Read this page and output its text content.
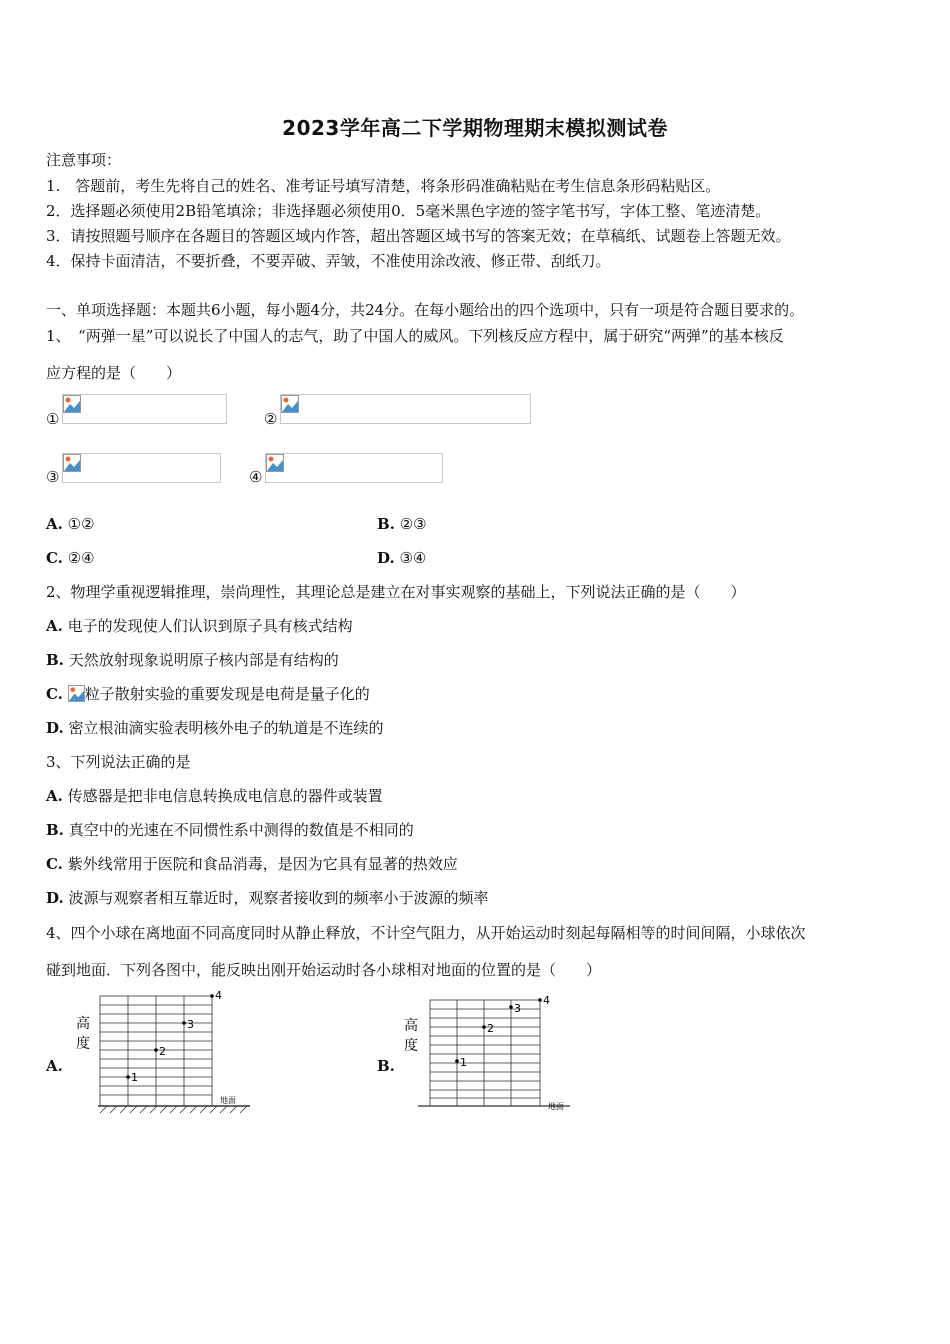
2023学年高二下学期物理期末模拟测试卷
注意事项：
1.　答题前，考生先将自己的姓名、准考证号填写清楚，将条形码准确粘贴在考生信息条形码粘贴区。
2．选择题必须使用2B铅笔填涂；非选择题必须使用0．5毫米黑色字迹的签字笔书写，字体工整、笔迹清楚。
3．请按照题号顺序在各题目的答题区域内作答，超出答题区域书写的答案无效；在草稿纸、试题卷上答题无效。
4．保持卡面清洁，不要折叠，不要弄破、弄皱，不准使用涂改液、修正带、刮纸刀。
一、单项选择题：本题共6小题，每小题4分，共24分。在每小题给出的四个选项中，只有一项是符合题目要求的。
1、　“两弹一星”可以说长了中国人的志气，助了中国人的威风。下列核反应方程中，属于研究“两弹”的基本核反
应方程的是（　　）
①	②
③	④
A. ①②	B. ②③
C. ②④	D. ③④
2、物理学重视逻辑推理，崇尚理性，其理论总是建立在对事实观察的基础上，下列说法正确的是（　　）
A. 电子的发现使人们认识到原子具有核式结构
B. 天然放射现象说明原子核内部是有结构的
C. 粒子散射实验的重要发现是电荷是量子化的
D. 密立根油滴实验表明核外电子的轨道是不连续的
3、下列说法正确的是
A. 传感器是把非电信息转换成电信息的器件或装置
B. 真空中的光速在不同惯性系中测得的数值是不相同的
C. 紫外线常用于医院和食品消毒，是因为它具有显著的热效应
D. 波源与观察者相互靠近时，观察者接收到的频率小于波源的频率
4、四个小球在离地面不同高度同时从静止释放，不计空气阻力，从开始运动时刻起每隔相等的时间间隔，小球依次
碰到地面．下列各图中，能反映出刚开始运动时各小球相对地面的位置的是（　　）
A.
高
度
地面
1
2
3
4
B.
高
度
地面
1
2
3
4
